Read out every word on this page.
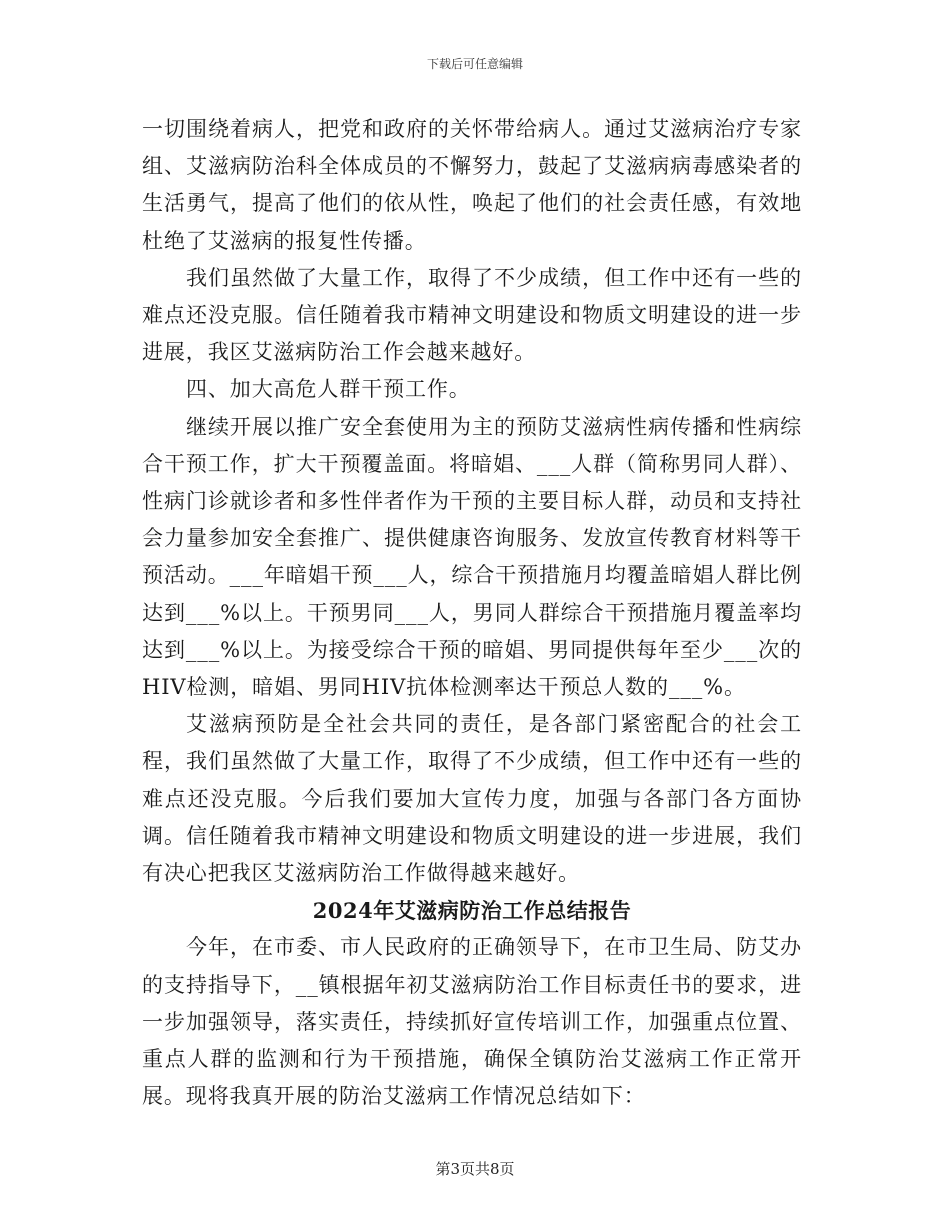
下载后可任意编辑

一切围绕着病人，把党和政府的关怀带给病人。通过艾滋病治疗专家组、艾滋病防治科全体成员的不懈努力，鼓起了艾滋病病毒感染者的生活勇气，提高了他们的依从性，唤起了他们的社会责任感，有效地杜绝了艾滋病的报复性传播。

我们虽然做了大量工作，取得了不少成绩，但工作中还有一些的难点还没克服。信任随着我市精神文明建设和物质文明建设的进一步进展，我区艾滋病防治工作会越来越好。

四、加大高危人群干预工作。

继续开展以推广安全套使用为主的预防艾滋病性病传播和性病综合干预工作，扩大干预覆盖面。将暗娼、___人群（简称男同人群）、性病门诊就诊者和多性伴者作为干预的主要目标人群，动员和支持社会力量参加安全套推广、提供健康咨询服务、发放宣传教育材料等干预活动。___年暗娼干预___人，综合干预措施月均覆盖暗娼人群比例达到___%以上。干预男同___人，男同人群综合干预措施月覆盖率均达到___%以上。为接受综合干预的暗娼、男同提供每年至少___次的HIV检测，暗娼、男同HIV抗体检测率达干预总人数的___%。

艾滋病预防是全社会共同的责任，是各部门紧密配合的社会工程，我们虽然做了大量工作，取得了不少成绩，但工作中还有一些的难点还没克服。今后我们要加大宣传力度，加强与各部门各方面协调。信任随着我市精神文明建设和物质文明建设的进一步进展，我们有决心把我区艾滋病防治工作做得越来越好。

2024年艾滋病防治工作总结报告

今年，在市委、市人民政府的正确领导下，在市卫生局、防艾办的支持指导下，__镇根据年初艾滋病防治工作目标责任书的要求，进一步加强领导，落实责任，持续抓好宣传培训工作，加强重点位置、重点人群的监测和行为干预措施，确保全镇防治艾滋病工作正常开展。现将我真开展的防治艾滋病工作情况总结如下：

第3页共8页
